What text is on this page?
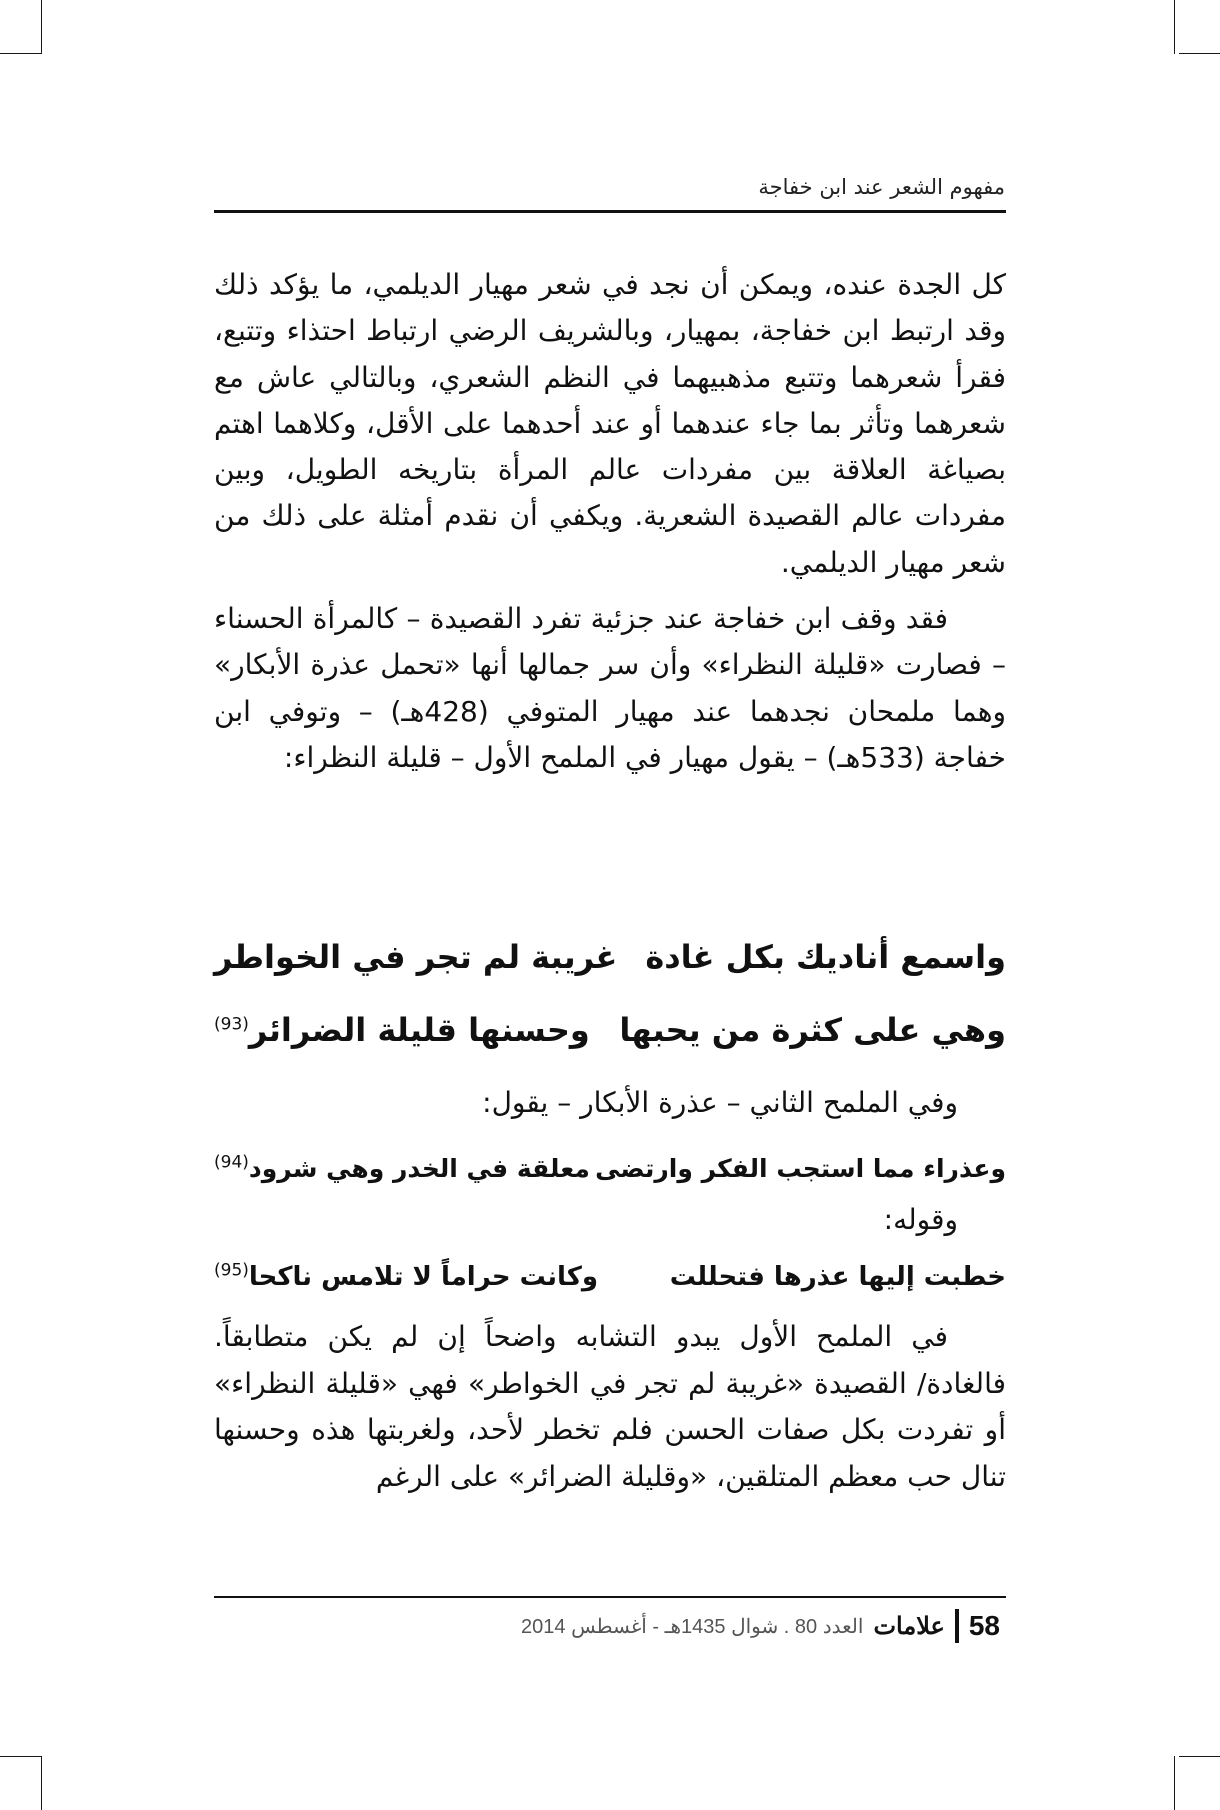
مفهوم الشعر عند ابن خفاجة

كل الجدة عنده، ويمكن أن نجد في شعر مهيار الديلمي، ما يؤكد ذلك وقد ارتبط ابن خفاجة، بمهيار، وبالشريف الرضي ارتباط احتذاء وتتبع، فقرأ شعرهما وتتبع مذهبيهما في النظم الشعري، وبالتالي عاش مع شعرهما وتأثر بما جاء عندهما أو عند أحدهما على الأقل، وكلاهما اهتم بصياغة العلاقة بين مفردات عالم المرأة بتاريخه الطويل، وبين مفردات عالم القصيدة الشعرية. ويكفي أن نقدم أمثلة على ذلك من شعر مهيار الديلمي.

فقد وقف ابن خفاجة عند جزئية تفرد القصيدة – كالمرأة الحسناء – فصارت «قليلة النظراء» وأن سر جمالها أنها «تحمل عذرة الأبكار» وهما ملمحان نجدهما عند مهيار المتوفي (428هـ) – وتوفي ابن خفاجة (533هـ) – يقول مهيار في الملمح الأول – قليلة النظراء:

واسمع أناديك بكل غادة
غريبة لم تجر في الخواطر
وهي على كثرة من يحبها
وحسنها قليلة الضرائر$^{(93)}$
وفي الملمح الثاني – عذرة الأبكار – يقول:
وعذراء مما استجب الفكر وارتضى
معلقة في الخدر وهي شرود$^{(94)}$
وقوله:
خطبت إليها عذرها فتحللت
وكانت حراماً لا تلامس ناكحا$^{(95)}$

في الملمح الأول يبدو التشابه واضحاً إن لم يكن متطابقاً. فالغادة/ القصيدة «غريبة لم تجر في الخواطر» فهي «قليلة النظراء» أو تفردت بكل صفات الحسن فلم تخطر لأحد، ولغربتها هذه وحسنها تنال حب معظم المتلقين، «وقليلة الضرائر» على الرغم

58
علامات
العدد 80 . شوال 1435هـ - أغسطس 2014
